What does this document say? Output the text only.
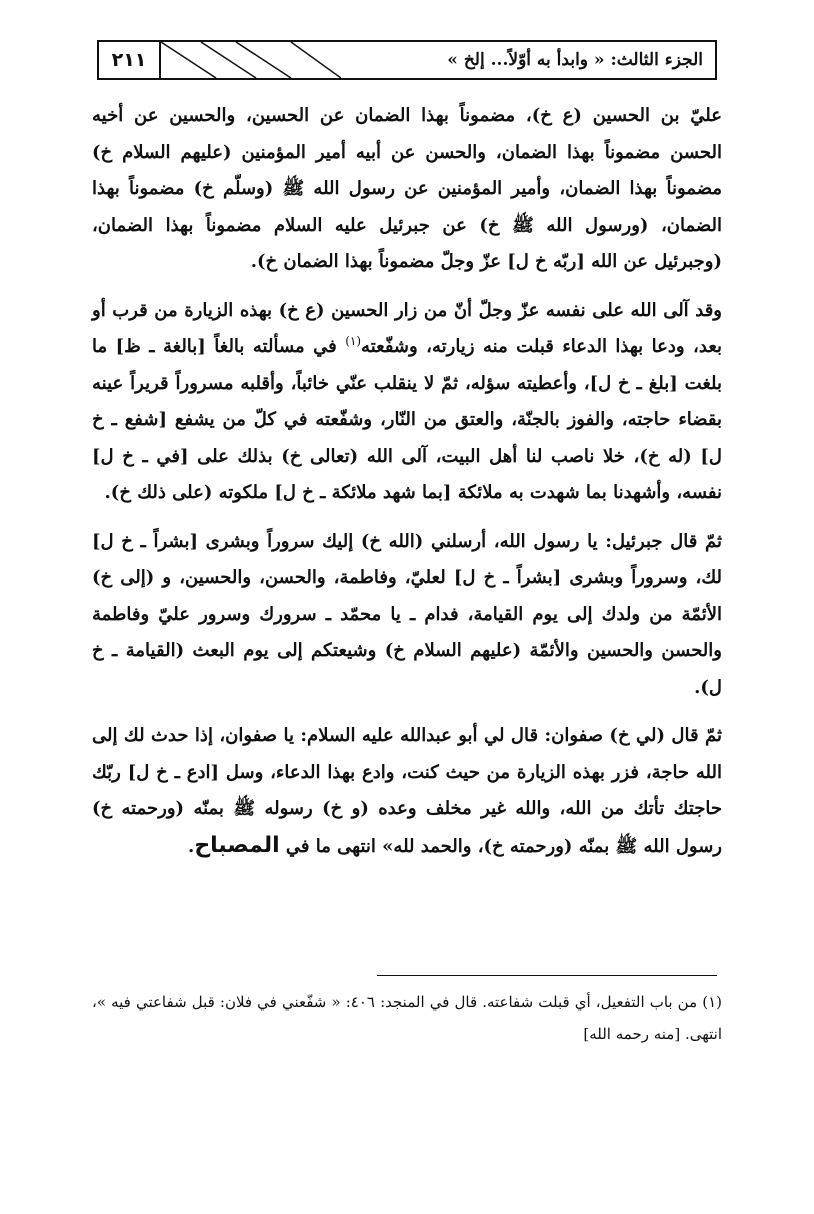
٢١١	الجزء الثالث: « وابدأ به أوّلاً... إلخ »

عليّ بن الحسين (ع خ)، مضموناً بهذا الضمان عن الحسين، والحسين عن أخيه الحسن مضموناً بهذا الضمان، والحسن عن أبيه أمير المؤمنين (عليهم السلام خ) مضموناً بهذا الضمان، وأمير المؤمنين عن رسول الله ﷺ (وسلّم خ) مضموناً بهذا الضمان، (ورسول الله ﷺ خ) عن جبرئيل عليه السلام مضموناً بهذا الضمان، (وجبرئيل عن الله [ربّه خ ل] عزّ وجلّ مضموناً بهذا الضمان خ).

وقد آلى الله على نفسه عزّ وجلّ أنّ من زار الحسين (ع خ) بهذه الزيارة من قرب أو بعد، ودعا بهذا الدعاء قبلت منه زيارته، وشفّعته$^{(١)}$ في مسألته بالغاً [بالغة ـ ظ] ما بلغت [بلغ ـ خ ل]، وأعطيته سؤله، ثمّ لا ينقلب عنّي خائباً، وأقلبه مسروراً قريراً عينه بقضاء حاجته، والفوز بالجنّة، والعتق من النّار، وشفّعته في كلّ من يشفع [شفع ـ خ ل] (له خ)، خلا ناصب لنا أهل البيت، آلى الله (تعالى خ) بذلك على [في ـ خ ل] نفسه، وأشهدنا بما شهدت به ملائكة [بما شهد ملائكة ـ خ ل] ملكوته (على ذلك خ).

ثمّ قال جبرئيل: يا رسول الله، أرسلني (الله خ) إليك سروراً وبشرى [بشراً ـ خ ل] لك، وسروراً وبشرى [بشراً ـ خ ل] لعليّ، وفاطمة، والحسن، والحسين، و (إلى خ) الأئمّة من ولدك إلى يوم القيامة، فدام ـ يا محمّد ـ سرورك وسرور عليّ وفاطمة والحسن والحسين والأئمّة (عليهم السلام خ) وشيعتكم إلى يوم البعث (القيامة ـ خ ل).

ثمّ قال (لي خ) صفوان: قال لي أبو عبدالله عليه السلام: يا صفوان، إذا حدث لك إلى الله حاجة، فزر بهذه الزيارة من حيث كنت، وادع بهذا الدعاء، وسل [ادع ـ خ ل] ربّك حاجتك تأتك من الله، والله غير مخلف وعده (و خ) رسوله ﷺ بمنّه (ورحمته خ) رسول الله ﷺ بمنّه (ورحمته خ)، والحمد لله» انتهى ما في المصباح.

(١) من باب التفعيل، أي قبلت شفاعته. قال في المنجد: ٤٠٦: « شفّعني في فلان: قبل شفاعتي فيه »، انتهى. [منه رحمه الله]
